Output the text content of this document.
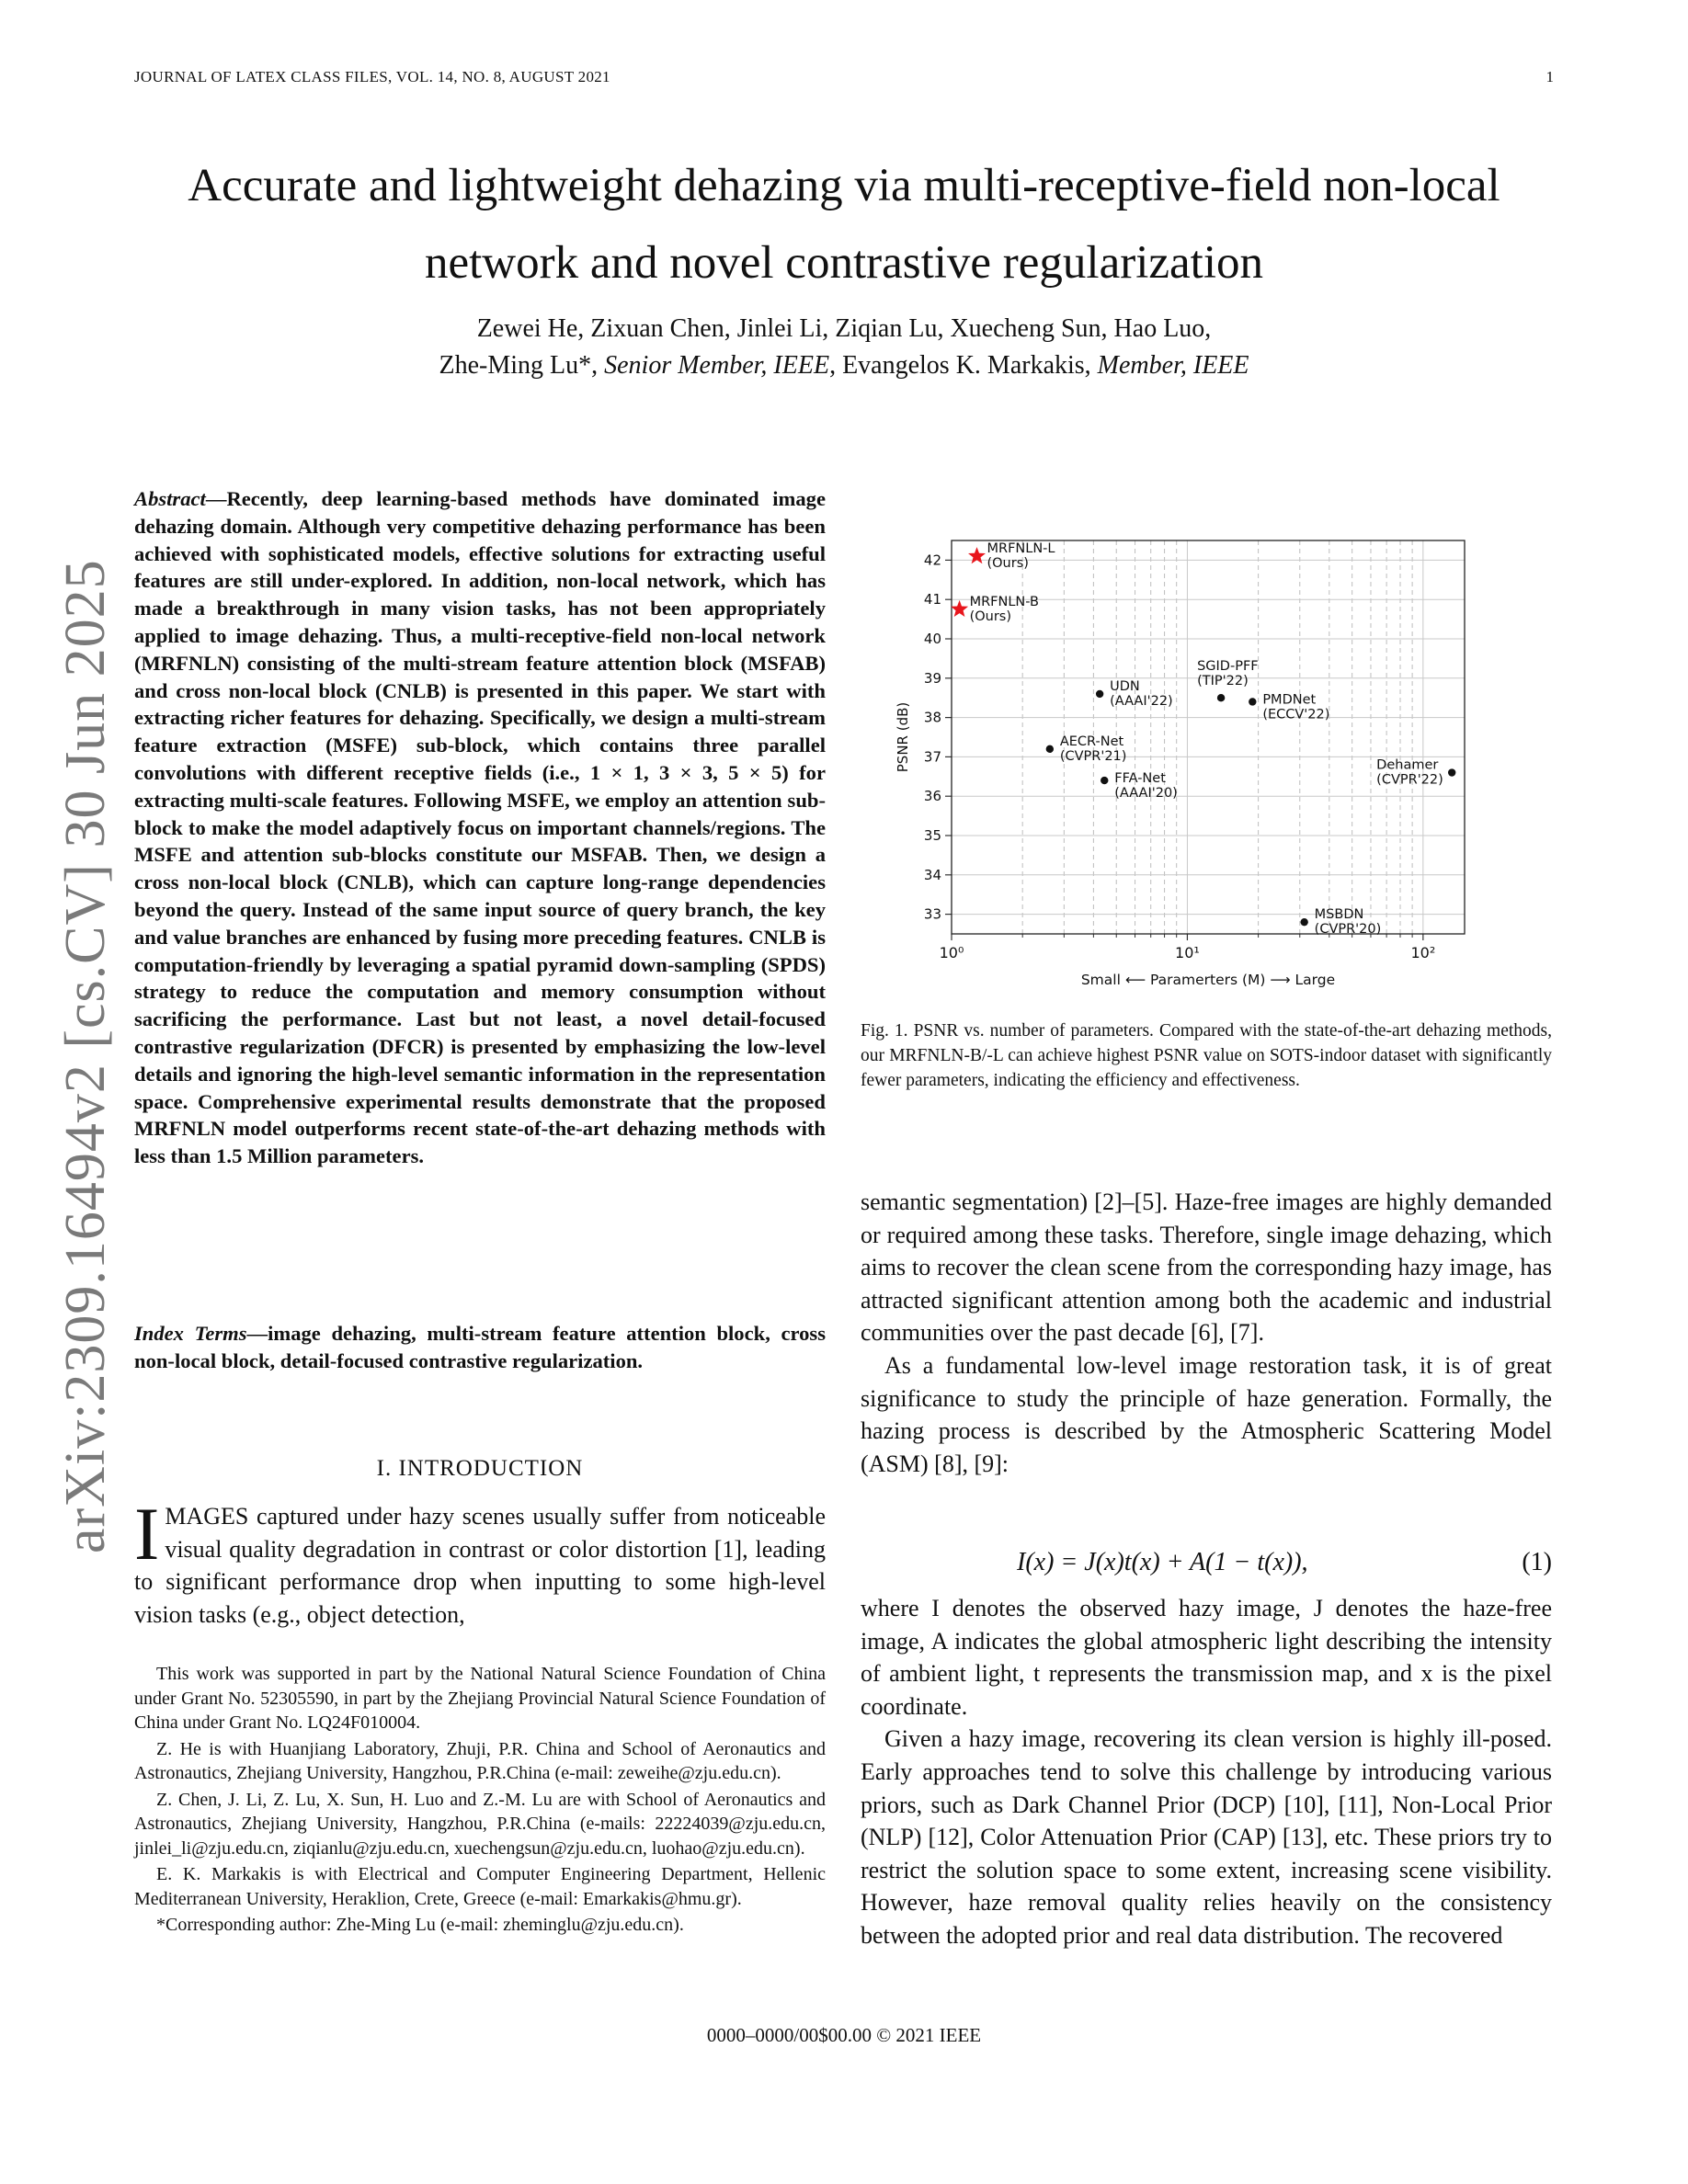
JOURNAL OF LATEX CLASS FILES, VOL. 14, NO. 8, AUGUST 2021	1
Accurate and lightweight dehazing via multi-receptive-field non-local network and novel contrastive regularization
Zewei He, Zixuan Chen, Jinlei Li, Ziqian Lu, Xuecheng Sun, Hao Luo,
Zhe-Ming Lu*, Senior Member, IEEE, Evangelos K. Markakis, Member, IEEE
arXiv:2309.16494v2 [cs.CV] 30 Jun 2025
Abstract—Recently, deep learning-based methods have dominated image dehazing domain. Although very competitive dehazing performance has been achieved with sophisticated models, effective solutions for extracting useful features are still under-explored. In addition, non-local network, which has made a breakthrough in many vision tasks, has not been appropriately applied to image dehazing. Thus, a multi-receptive-field non-local network (MRFNLN) consisting of the multi-stream feature attention block (MSFAB) and cross non-local block (CNLB) is presented in this paper. We start with extracting richer features for dehazing. Specifically, we design a multi-stream feature extraction (MSFE) sub-block, which contains three parallel convolutions with different receptive fields (i.e., 1 × 1, 3 × 3, 5 × 5) for extracting multi-scale features. Following MSFE, we employ an attention sub-block to make the model adaptively focus on important channels/regions. The MSFE and attention sub-blocks constitute our MSFAB. Then, we design a cross non-local block (CNLB), which can capture long-range dependencies beyond the query. Instead of the same input source of query branch, the key and value branches are enhanced by fusing more preceding features. CNLB is computation-friendly by leveraging a spatial pyramid down-sampling (SPDS) strategy to reduce the computation and memory consumption without sacrificing the performance. Last but not least, a novel detail-focused contrastive regularization (DFCR) is presented by emphasizing the low-level details and ignoring the high-level semantic information in the representation space. Comprehensive experimental results demonstrate that the proposed MRFNLN model outperforms recent state-of-the-art dehazing methods with less than 1.5 Million parameters.
Index Terms—image dehazing, multi-stream feature attention block, cross non-local block, detail-focused contrastive regularization.
I. INTRODUCTION
IMAGES captured under hazy scenes usually suffer from noticeable visual quality degradation in contrast or color distortion [1], leading to significant performance drop when inputting to some high-level vision tasks (e.g., object detection,

This work was supported in part by the National Natural Science Foundation of China under Grant No. 52305590, in part by the Zhejiang Provincial Natural Science Foundation of China under Grant No. LQ24F010004.

Z. He is with Huanjiang Laboratory, Zhuji, P.R. China and School of Aeronautics and Astronautics, Zhejiang University, Hangzhou, P.R.China (e-mail: zeweihe@zju.edu.cn).

Z. Chen, J. Li, Z. Lu, X. Sun, H. Luo and Z.-M. Lu are with School of Aeronautics and Astronautics, Zhejiang University, Hangzhou, P.R.China (e-mails: 22224039@zju.edu.cn, jinlei_li@zju.edu.cn, ziqianlu@zju.edu.cn, xuechengsun@zju.edu.cn, luohao@zju.edu.cn).

E. K. Markakis is with Electrical and Computer Engineering Department, Hellenic Mediterranean University, Heraklion, Crete, Greece (e-mail: Emarkakis@hmu.gr).

*Corresponding author: Zhe-Ming Lu (e-mail: zheminglu@zju.edu.cn).

10⁰	10¹	10²
33
34
35
36
37
38
39
40
41
42
Small ⟵ Paramerters (M) ⟶ Large
PSNR (dB)
MRFNLN-L
(Ours)
MRFNLN-B
(Ours)
UDN
(AAAI'22)
SGID-PFF
(TIP'22)
PMDNet
(ECCV'22)
AECR-Net
(CVPR'21)
FFA-Net
(AAAI'20)
Dehamer
(CVPR'22)
MSBDN
(CVPR'20)
Fig. 1. PSNR vs. number of parameters. Compared with the state-of-the-art dehazing methods, our MRFNLN-B/-L can achieve highest PSNR value on SOTS-indoor dataset with significantly fewer parameters, indicating the efficiency and effectiveness.

semantic segmentation) [2]–[5]. Haze-free images are highly demanded or required among these tasks. Therefore, single image dehazing, which aims to recover the clean scene from the corresponding hazy image, has attracted significant attention among both the academic and industrial communities over the past decade [6], [7].

As a fundamental low-level image restoration task, it is of great significance to study the principle of haze generation. Formally, the hazing process is described by the Atmospheric Scattering Model (ASM) [8], [9]:

I(x) = J(x)t(x) + A(1 − t(x)),	(1)

where I denotes the observed hazy image, J denotes the haze-free image, A indicates the global atmospheric light describing the intensity of ambient light, t represents the transmission map, and x is the pixel coordinate.

Given a hazy image, recovering its clean version is highly ill-posed. Early approaches tend to solve this challenge by introducing various priors, such as Dark Channel Prior (DCP) [10], [11], Non-Local Prior (NLP) [12], Color Attenuation Prior (CAP) [13], etc. These priors try to restrict the solution space to some extent, increasing scene visibility. However, haze removal quality relies heavily on the consistency between the adopted prior and real data distribution. The recovered

0000–0000/00$00.00 © 2021 IEEE
